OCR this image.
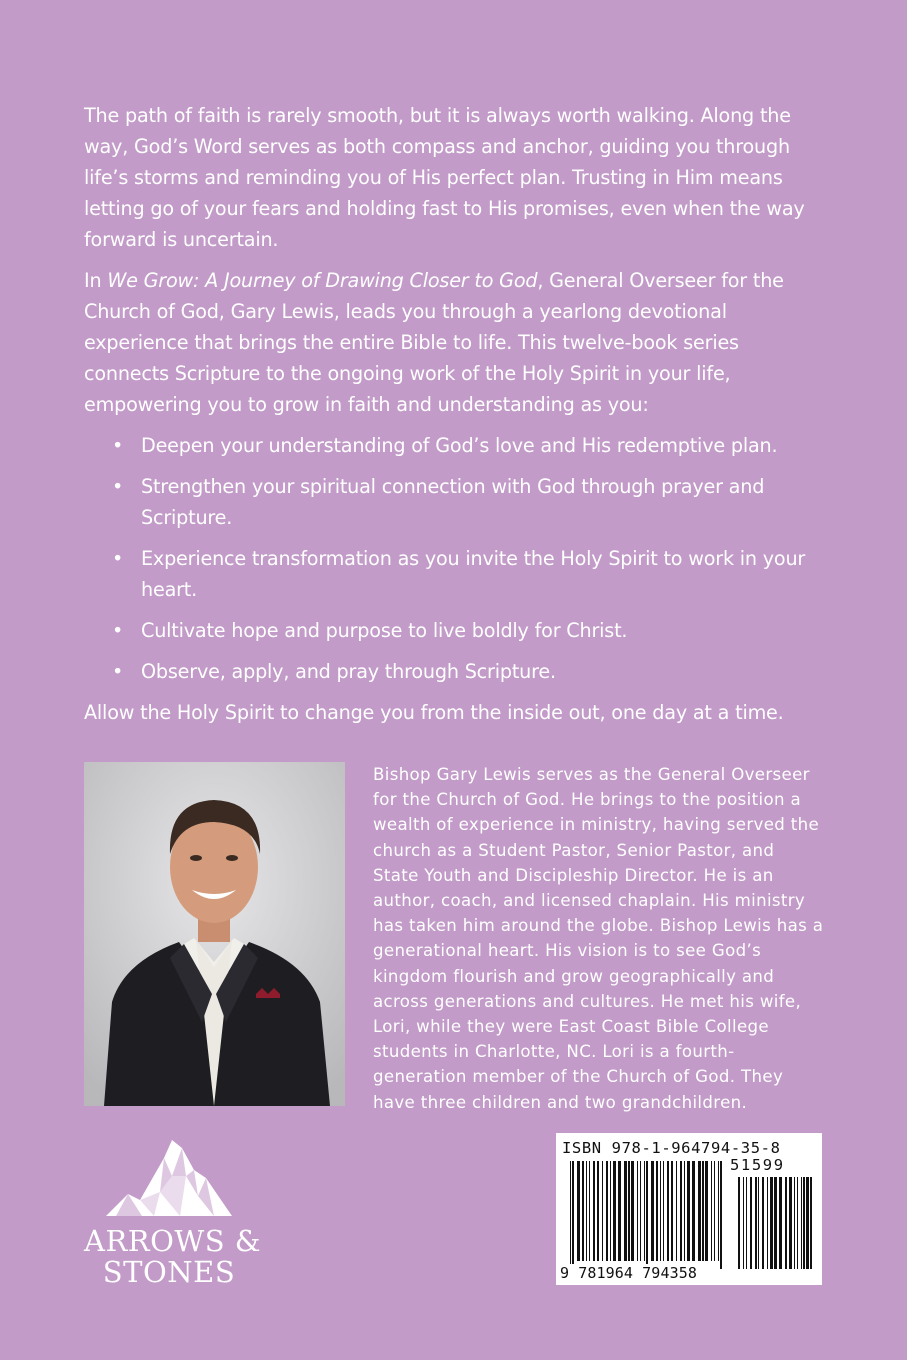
The path of faith is rarely smooth, but it is always worth walking. Along the way, God’s Word serves as both compass and anchor, guiding you through life’s storms and reminding you of His perfect plan. Trusting in Him means letting go of your fears and holding fast to His promises, even when the way forward is uncertain.

In We Grow: A Journey of Drawing Closer to God, General Overseer for the Church of God, Gary Lewis, leads you through a yearlong devotional experience that brings the entire Bible to life. This twelve-book series connects Scripture to the ongoing work of the Holy Spirit in your life, empowering you to grow in faith and understanding as you:

• Deepen your understanding of God’s love and His redemptive plan.
• Strengthen your spiritual connection with God through prayer and Scripture.
• Experience transformation as you invite the Holy Spirit to work in your heart.
• Cultivate hope and purpose to live boldly for Christ.
• Observe, apply, and pray through Scripture.

Allow the Holy Spirit to change you from the inside out, one day at a time.

Bishop Gary Lewis serves as the General Overseer for the Church of God. He brings to the position a wealth of experience in ministry, having served the church as a Student Pastor, Senior Pastor, and State Youth and Discipleship Director. He is an author, coach, and licensed chaplain. His ministry has taken him around the globe. Bishop Lewis has a generational heart. His vision is to see God’s kingdom flourish and grow geographically and across generations and cultures. He met his wife, Lori, while they were East Coast Bible College students in Charlotte, NC. Lori is a fourth-generation member of the Church of God. They have three children and two grandchildren.

ARROWS &
STONES
ISBN 978-1-964794-35-8
51599
9 781964 794358
